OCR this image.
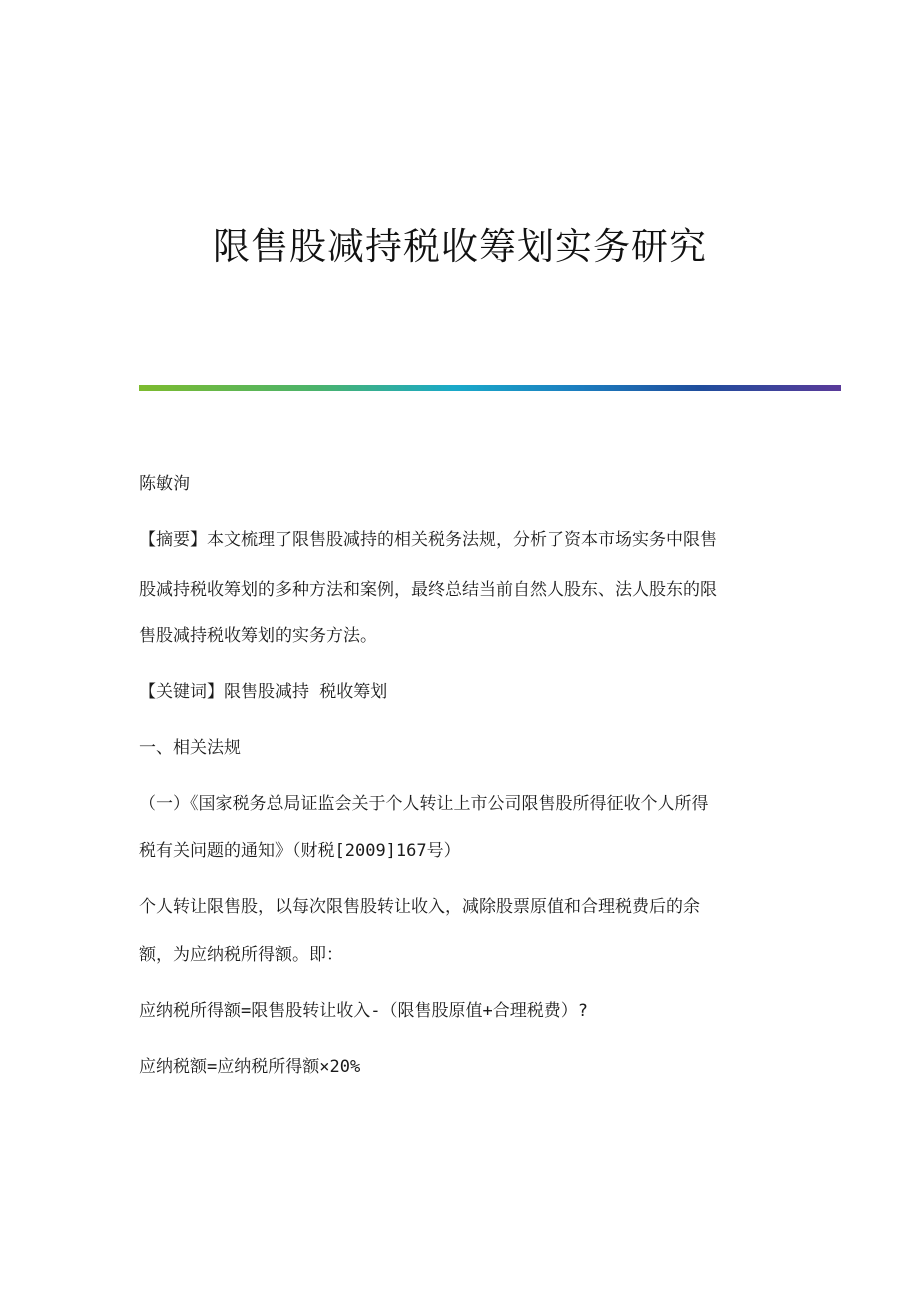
限售股减持税收筹划实务研究

陈敏洵

【摘要】本文梳理了限售股减持的相关税务法规，分析了资本市场实务中限售

股减持税收筹划的多种方法和案例，最终总结当前自然人股东、法人股东的限

售股减持税收筹划的实务方法。

【关键词】限售股减持 税收筹划

一、相关法规

（一）《国家税务总局证监会关于个人转让上市公司限售股所得征收个人所得

税有关问题的通知》（财税[2009]167号）

个人转让限售股，以每次限售股转让收入，减除股票原值和合理税费后的余

额，为应纳税所得额。即：

应纳税所得额=限售股转让收入-（限售股原值+合理税费）?

应纳税额=应纳税所得额×20%
